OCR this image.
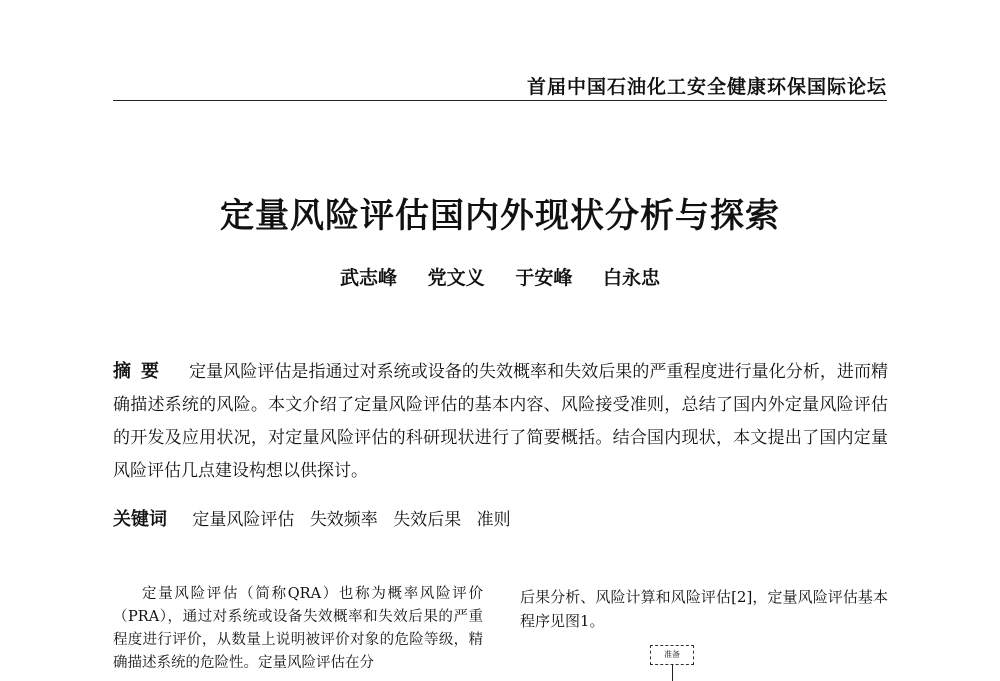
首届中国石油化工安全健康环保国际论坛
定量风险评估国内外现状分析与探索
武志峰 党文义 于安峰 白永忠
摘要 定量风险评估是指通过对系统或设备的失效概率和失效后果的严重程度进行量化分析，进而精确描述系统的风险。本文介绍了定量风险评估的基本内容、风险接受准则，总结了国内外定量风险评估的开发及应用状况，对定量风险评估的科研现状进行了简要概括。结合国内现状，本文提出了国内定量风险评估几点建设构想以供探讨。
关键词 定量风险评估 失效频率 失效后果 准则
定量风险评估（简称QRA）也称为概率风险评价（PRA），通过对系统或设备失效概率和失效后果的严重程度进行评价，从数量上说明被评价对象的危险等级，精确描述系统的危险性。定量风险评估在分
后果分析、风险计算和风险评估[2]，定量风险评估基本程序见图1。
准备
